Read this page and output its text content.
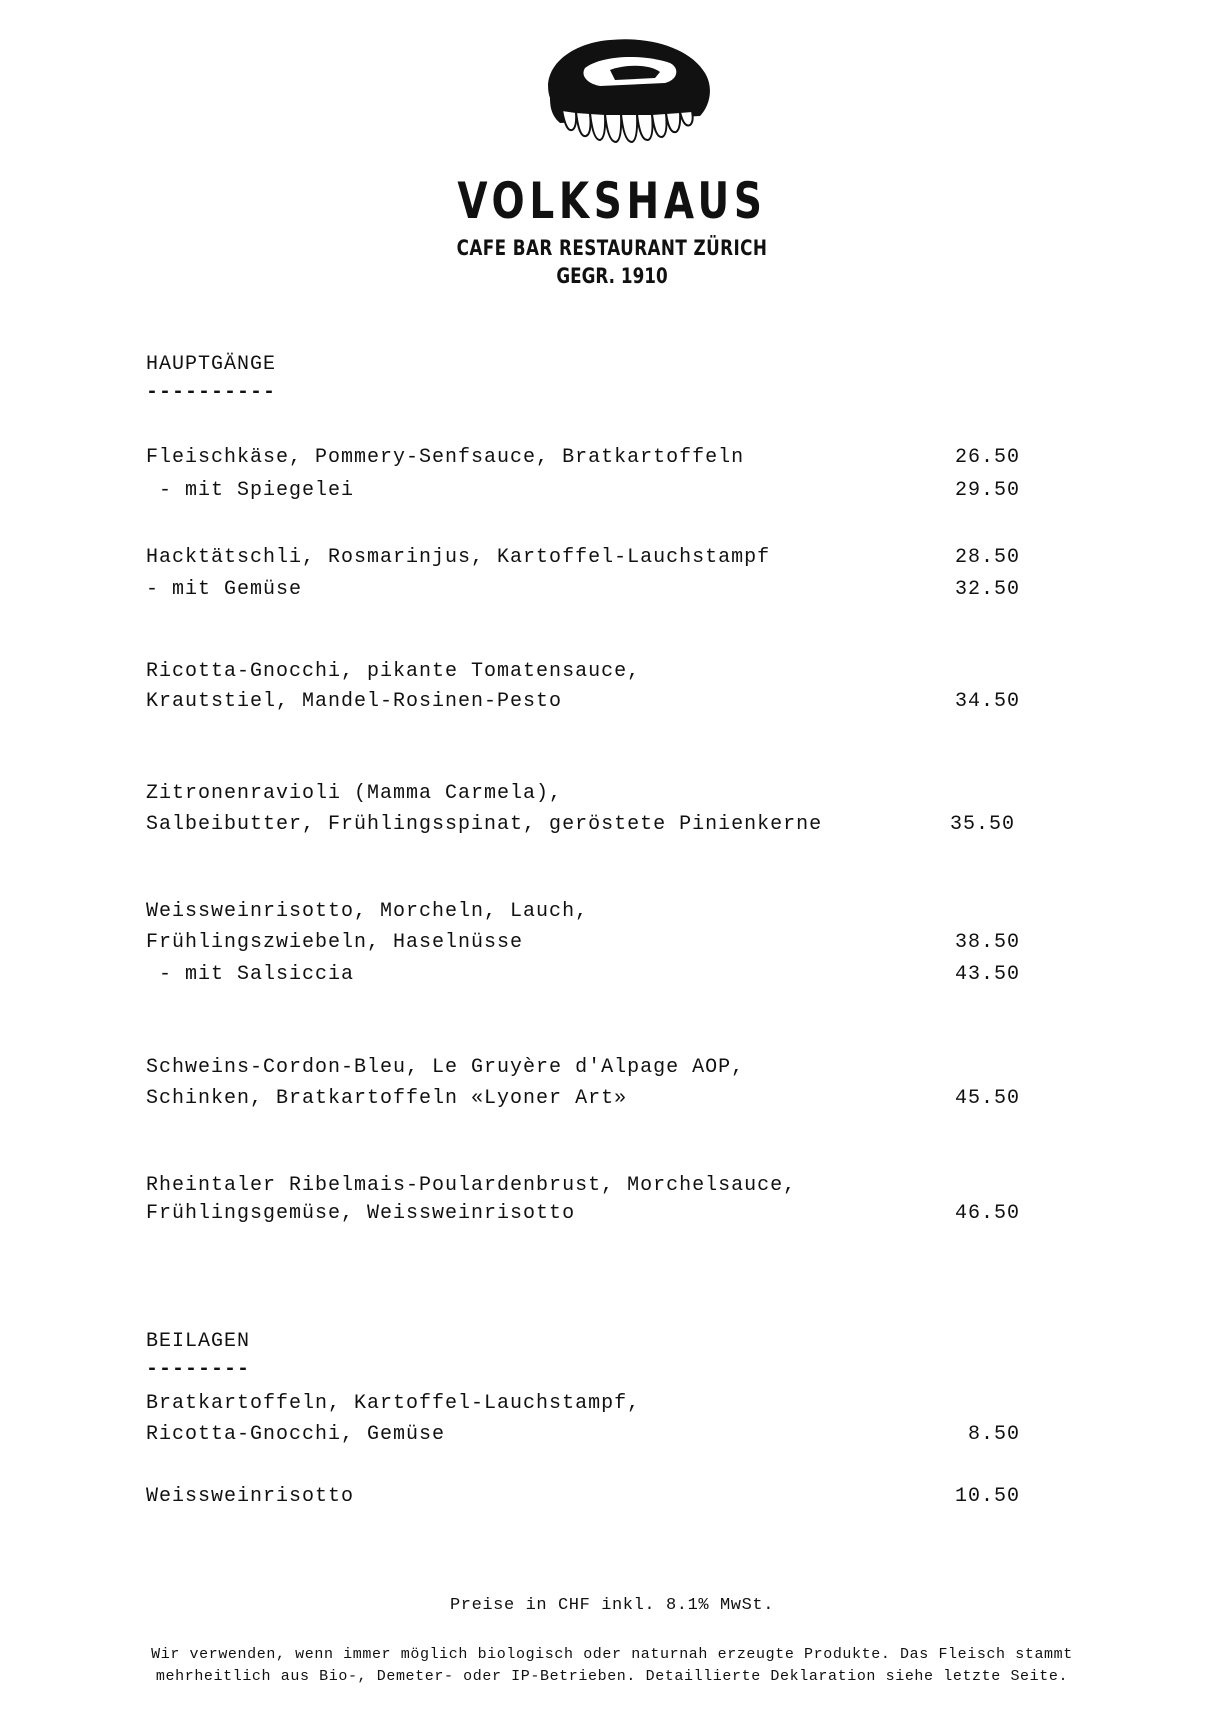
VOLKSHAUS
CAFE BAR RESTAURANT ZÜRICH
GEGR. 1910
HAUPTGÄNGE
----------
Fleischkäse, Pommery-Senfsauce, Bratkartoffeln	26.50
- mit Spiegelei	29.50
Hacktätschli, Rosmarinjus, Kartoffel-Lauchstampf	28.50
- mit Gemüse	32.50
Ricotta-Gnocchi, pikante Tomatensauce,
Krautstiel, Mandel-Rosinen-Pesto	34.50
Zitronenravioli (Mamma Carmela),
Salbeibutter, Frühlingsspinat, geröstete Pinienkerne	35.50
Weissweinrisotto, Morcheln, Lauch,
Frühlingszwiebeln, Haselnüsse	38.50
- mit Salsiccia	43.50
Schweins-Cordon-Bleu, Le Gruyère d'Alpage AOP,
Schinken, Bratkartoffeln «Lyoner Art»	45.50
Rheintaler Ribelmais-Poulardenbrust, Morchelsauce,
Frühlingsgemüse, Weissweinrisotto	46.50
BEILAGEN
--------
Bratkartoffeln, Kartoffel-Lauchstampf,
Ricotta-Gnocchi, Gemüse	8.50
Weissweinrisotto	10.50
Preise in CHF inkl. 8.1% MwSt.
Wir verwenden, wenn immer möglich biologisch oder naturnah erzeugte Produkte. Das Fleisch stammt
mehrheitlich aus Bio-, Demeter- oder IP-Betrieben. Detaillierte Deklaration siehe letzte Seite.
